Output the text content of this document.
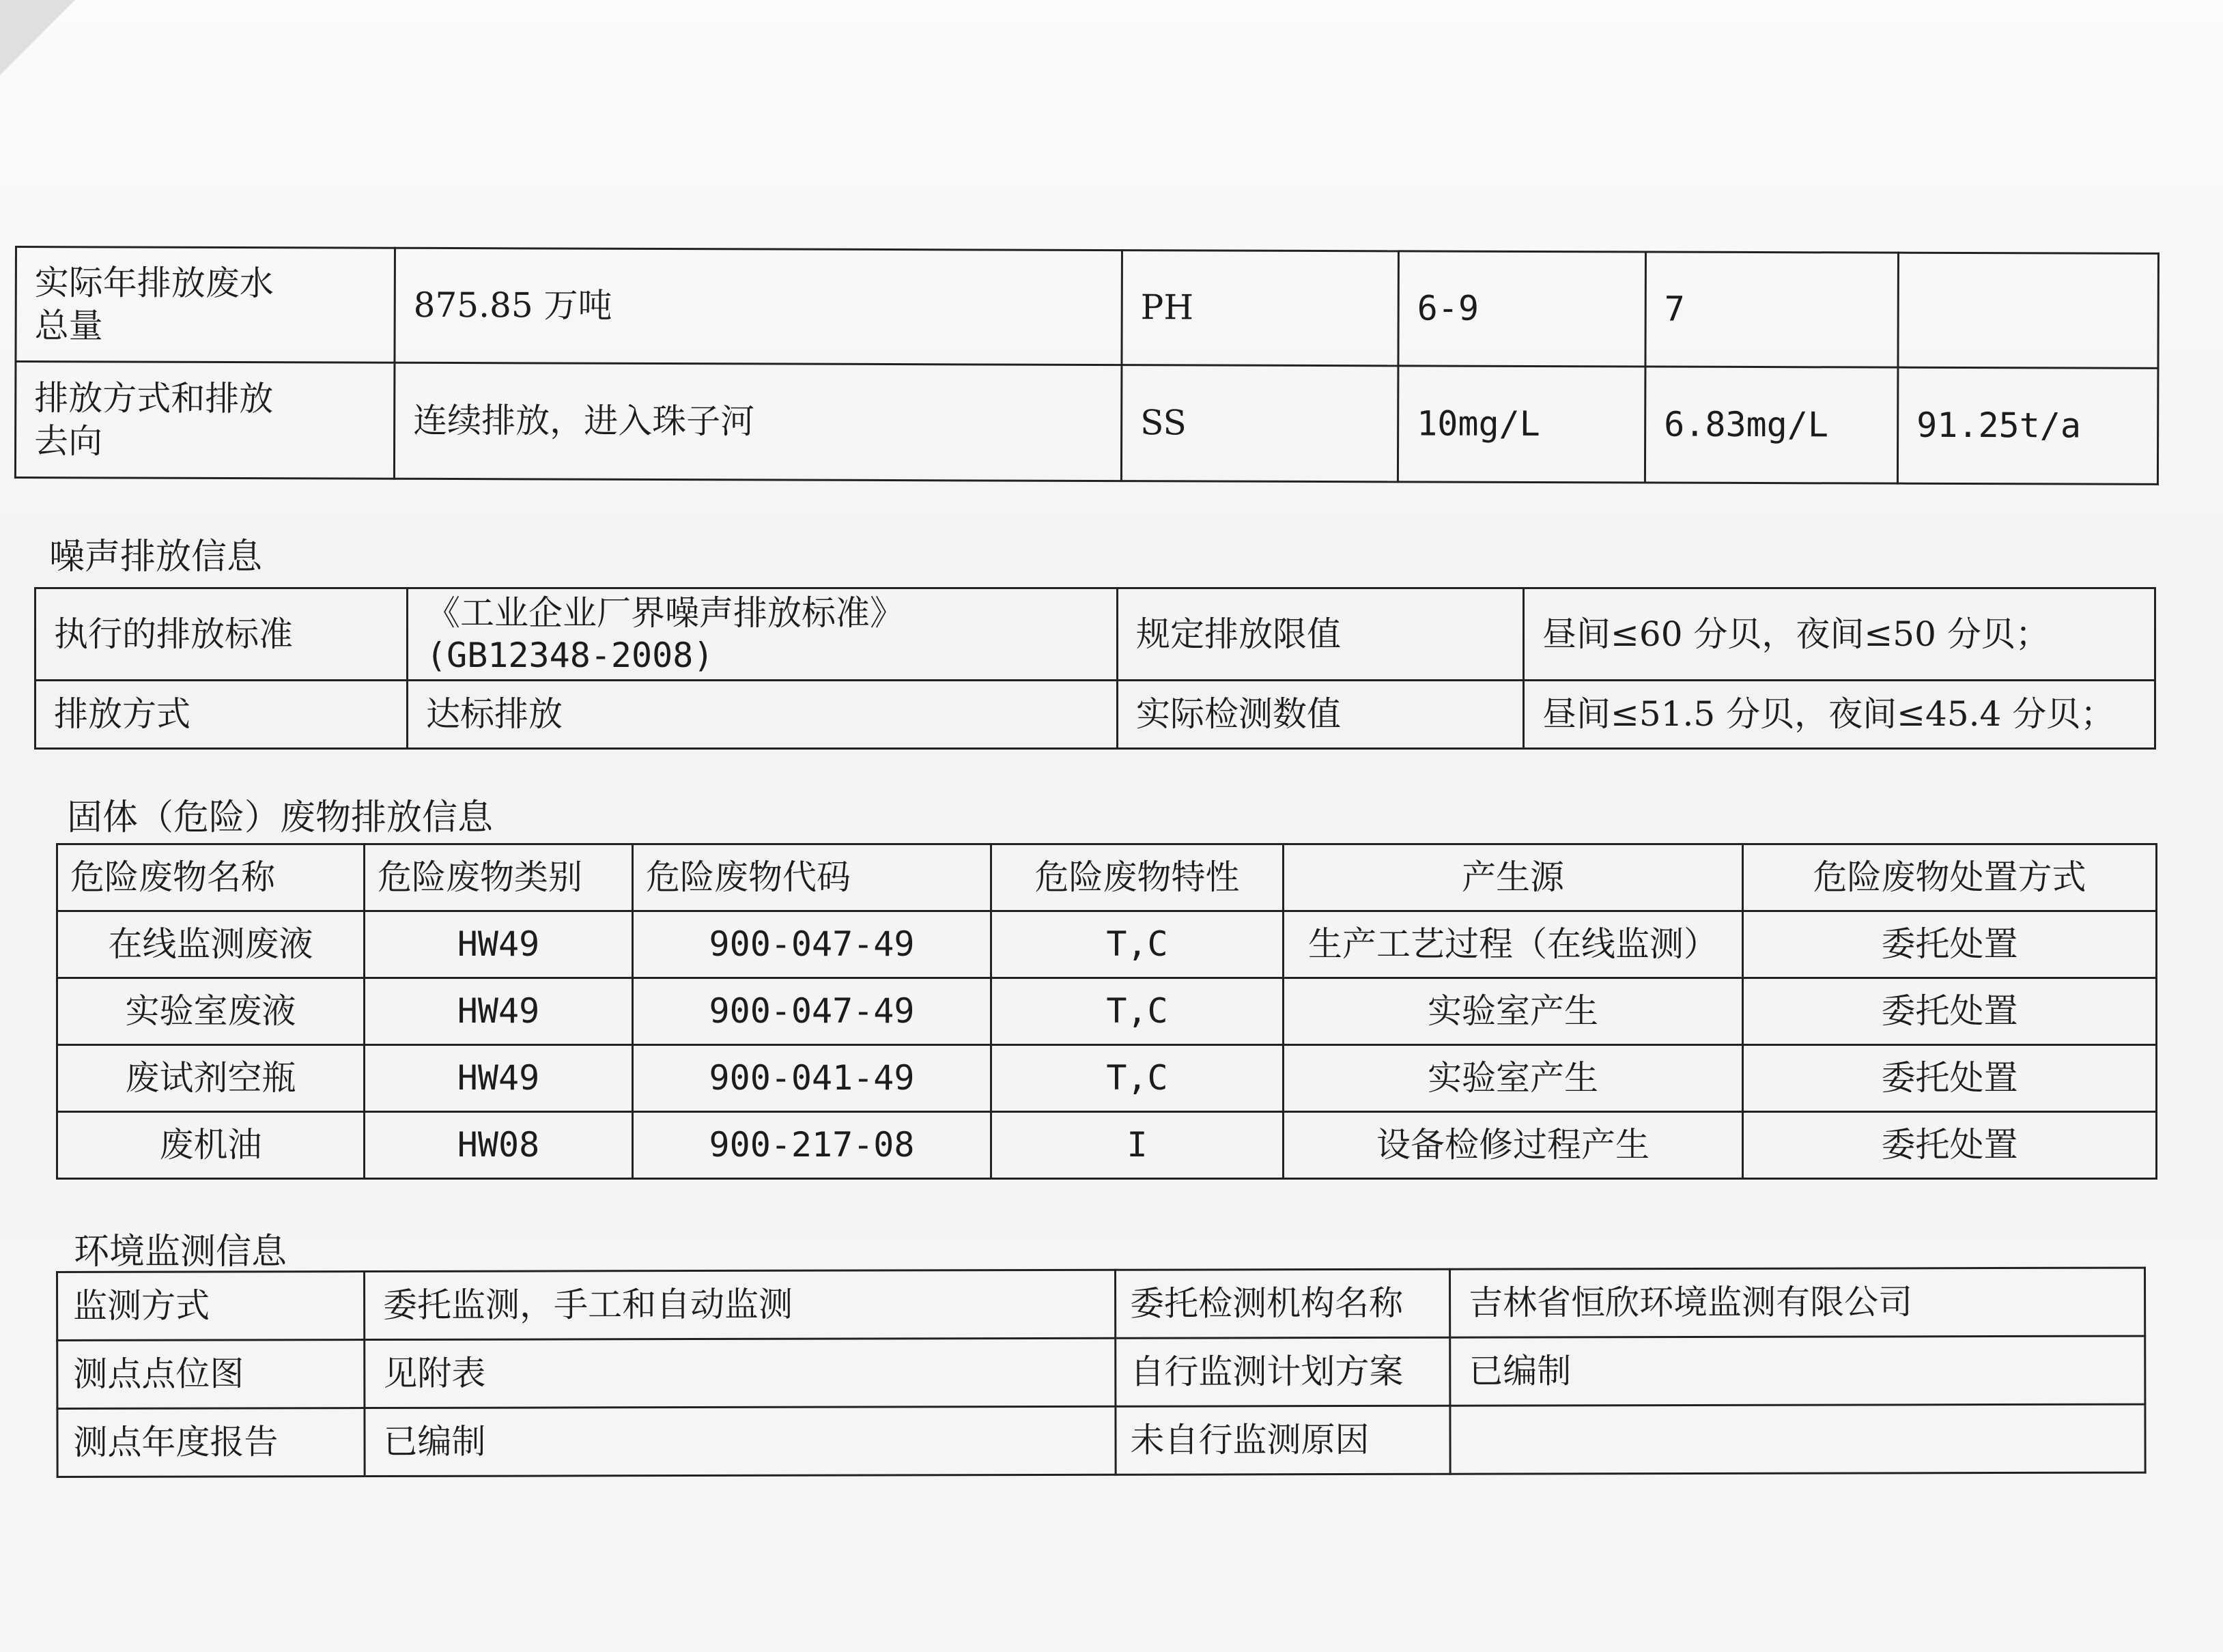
实际年排放废水
总量	875.85 万吨	PH	6-9	7	

排放方式和排放
去向	连续排放，进入珠子河	SS	10mg/L	6.83mg/L	91.25t/a
噪声排放信息
执行的排放标准	《工业企业厂界噪声排放标准》
(GB12348-2008)	规定排放限值	昼间≤60 分贝，夜间≤50 分贝；
排放方式	达标排放	实际检测数值	昼间≤51.5 分贝，夜间≤45.4 分贝；
固体（危险）废物排放信息
危险废物名称	危险废物类别	危险废物代码	危险废物特性	产生源	危险废物处置方式
在线监测废液	HW49	900-047-49	T,C	生产工艺过程（在线监测）	委托处置
实验室废液	HW49	900-047-49	T,C	实验室产生	委托处置
废试剂空瓶	HW49	900-041-49	T,C	实验室产生	委托处置
废机油	HW08	900-217-08	I	设备检修过程产生	委托处置
环境监测信息
监测方式	委托监测，手工和自动监测	委托检测机构名称	吉林省恒欣环境监测有限公司
测点点位图	见附表	自行监测计划方案	已编制
测点年度报告	已编制	未自行监测原因	
